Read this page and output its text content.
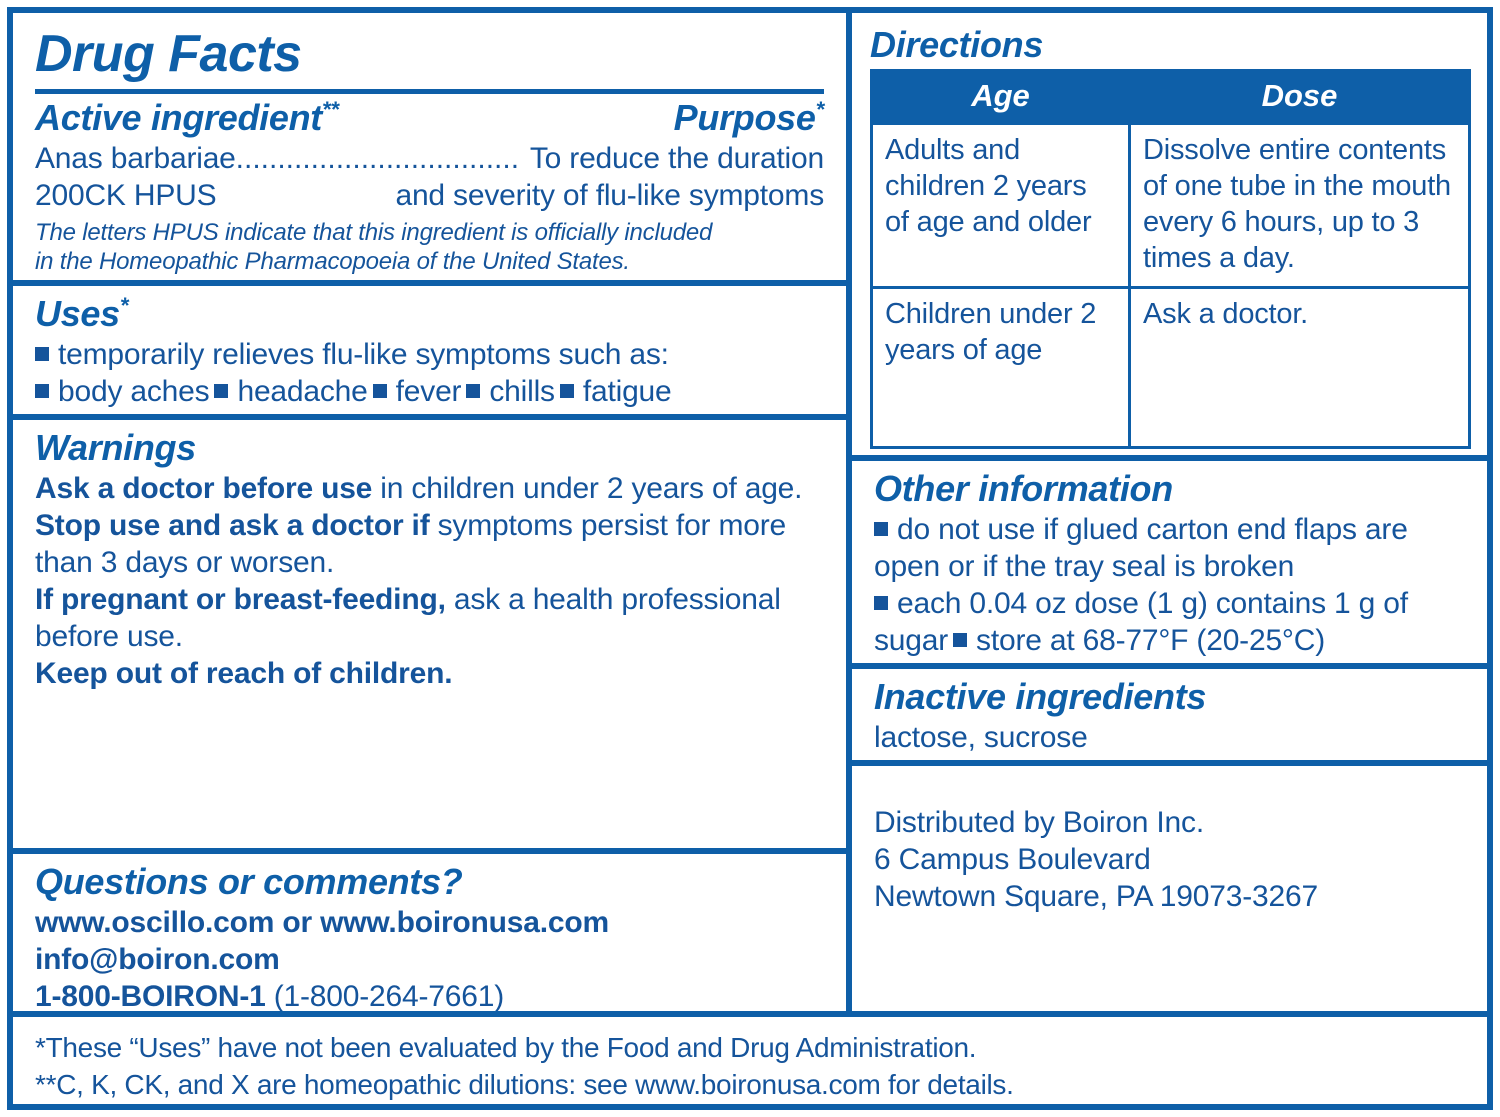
Drug Facts
Active ingredient**	Purpose*
Anas barbariae.................................. To reduce the duration
200CK HPUS	and severity of flu-like symptoms
The letters HPUS indicate that this ingredient is officially included
in the Homeopathic Pharmacopoeia of the United States.
Uses*
temporarily relieves flu-like symptoms such as:
body aches headache fever chills fatigue
Warnings
Ask a doctor before use in children under 2 years of age.
Stop use and ask a doctor if symptoms persist for more than 3 days or worsen.
If pregnant or breast-feeding, ask a health professional before use.
Keep out of reach of children.
Questions or comments?
www.oscillo.com or www.boironusa.com
info@boiron.com
1-800-BOIRON-1 (1-800-264-7661)
Directions
Age	Dose
Adults and children 2 years of age and older	Dissolve entire contents of one tube in the mouth every 6 hours, up to 3 times a day.
Children under 2 years of age	Ask a doctor.
Other information
do not use if glued carton end flaps are open or if the tray seal is broken
each 0.04 oz dose (1 g) contains 1 g of sugar store at 68-77°F (20-25°C)
Inactive ingredients
lactose, sucrose
Distributed by Boiron Inc.
6 Campus Boulevard
Newtown Square, PA 19073-3267
*These “Uses” have not been evaluated by the Food and Drug Administration.
**C, K, CK, and X are homeopathic dilutions: see www.boironusa.com for details.
